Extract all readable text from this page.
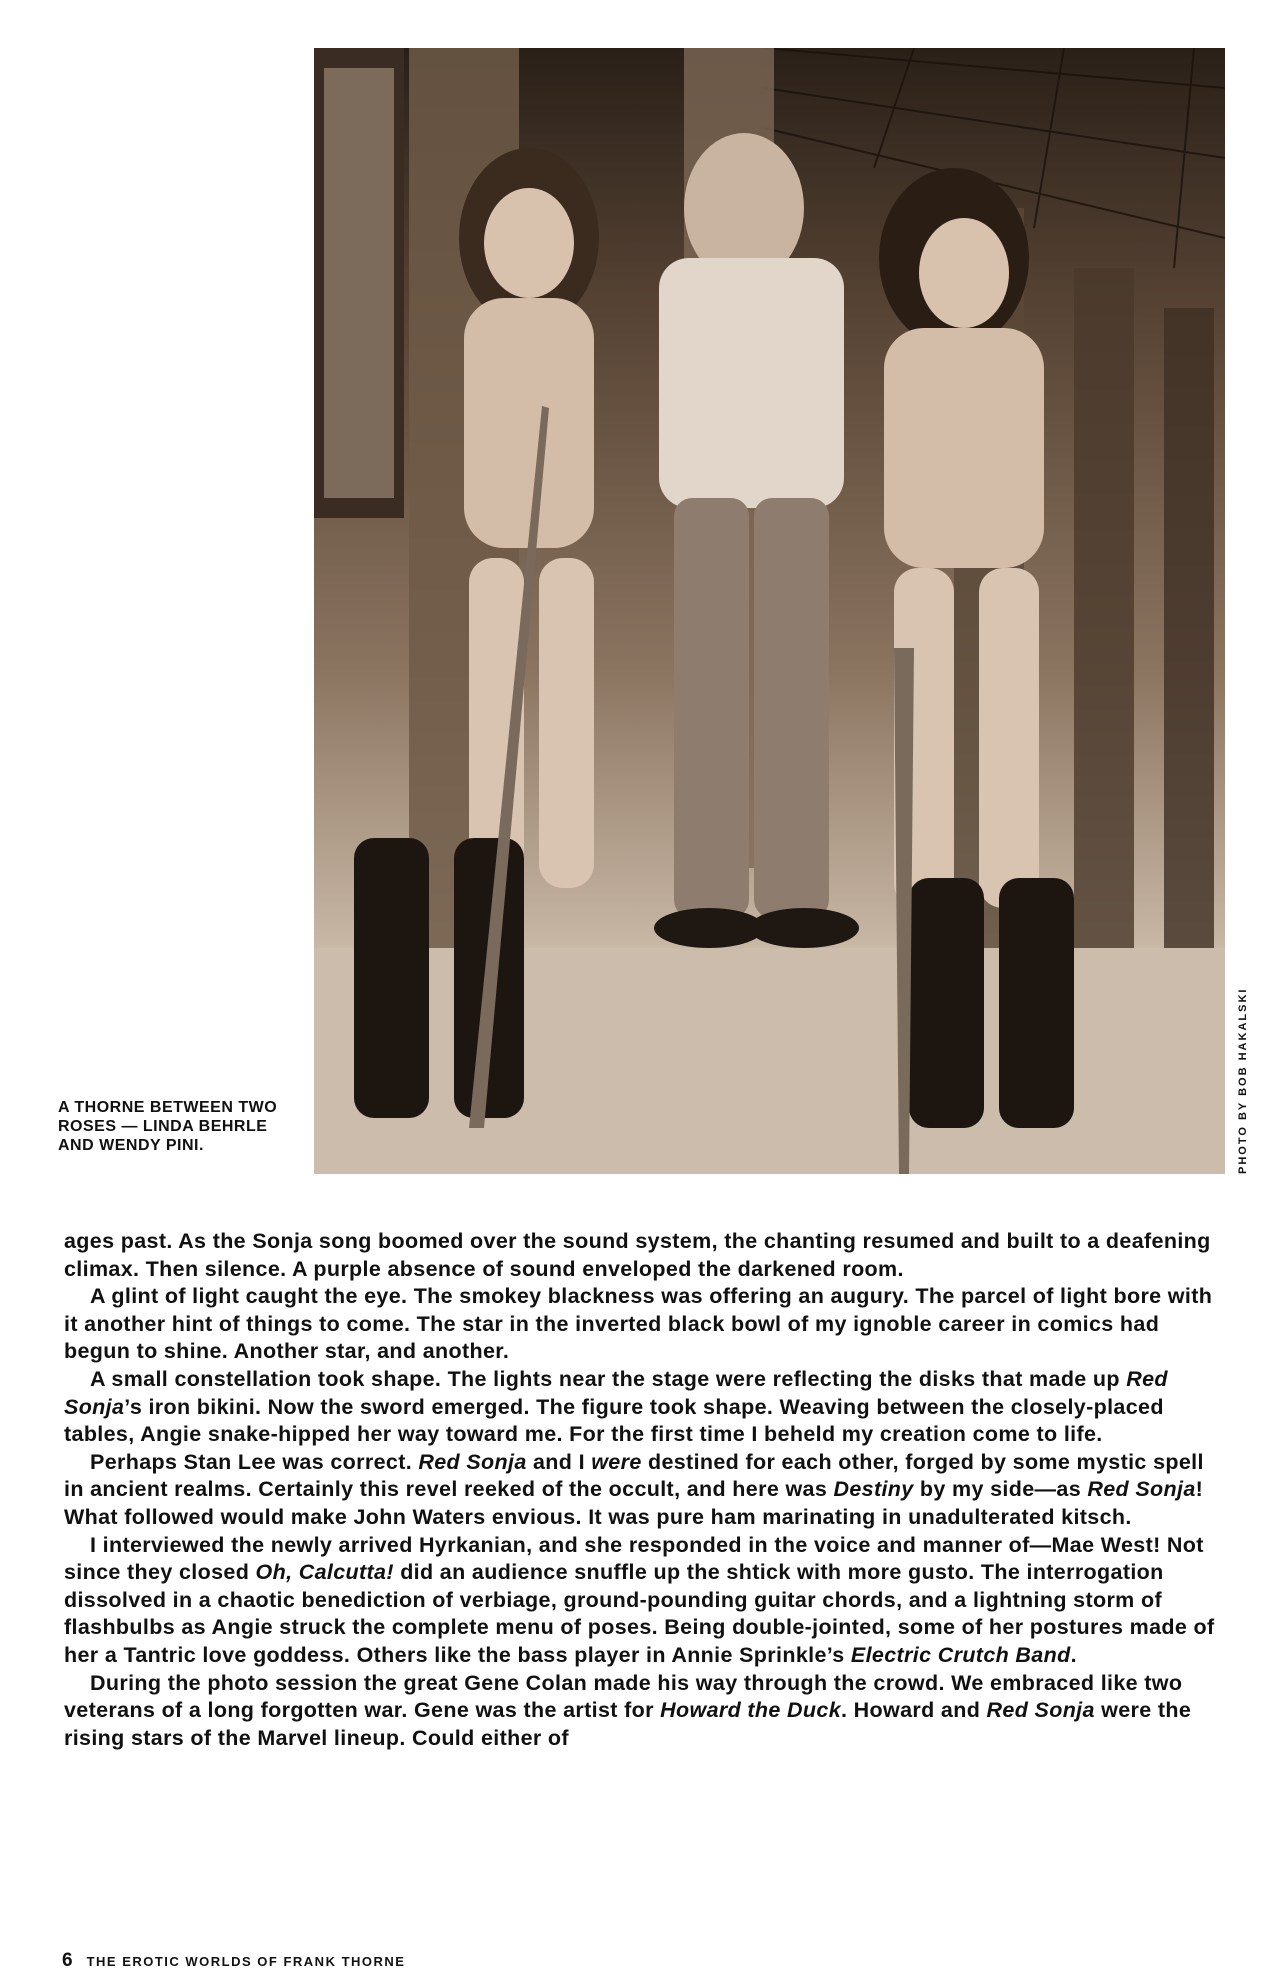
A THORNE BETWEEN TWO ROSES — LINDA BEHRLE AND WENDY PINI.	PHOTO BY BOB HAKALSKI

ages past. As the Sonja song boomed over the sound system, the chanting resumed and built to a deafening climax. Then silence. A purple absence of sound enveloped the darkened room.

A glint of light caught the eye. The smokey blackness was offering an augury. The parcel of light bore with it another hint of things to come. The star in the inverted black bowl of my ignoble career in comics had begun to shine. Another star, and another.

A small constellation took shape. The lights near the stage were reflecting the disks that made up Red Sonja’s iron bikini. Now the sword emerged. The figure took shape. Weaving between the closely-placed tables, Angie snake-hipped her way toward me. For the first time I beheld my creation come to life.

Perhaps Stan Lee was correct. Red Sonja and I were destined for each other, forged by some mystic spell in ancient realms. Certainly this revel reeked of the occult, and here was Destiny by my side—as Red Sonja! What followed would make John Waters envious. It was pure ham marinating in unadulterated kitsch.

I interviewed the newly arrived Hyrkanian, and she responded in the voice and manner of—Mae West! Not since they closed Oh, Calcutta! did an audience snuffle up the shtick with more gusto. The interrogation dissolved in a chaotic benediction of verbiage, ground-pounding guitar chords, and a lightning storm of flashbulbs as Angie struck the complete menu of poses. Being double-jointed, some of her postures made of her a Tantric love goddess. Others like the bass player in Annie Sprinkle’s Electric Crutch Band.

During the photo session the great Gene Colan made his way through the crowd. We embraced like two veterans of a long forgotten war. Gene was the artist for Howard the Duck. Howard and Red Sonja were the rising stars of the Marvel lineup. Could either of

6 THE EROTIC WORLDS OF FRANK THORNE
